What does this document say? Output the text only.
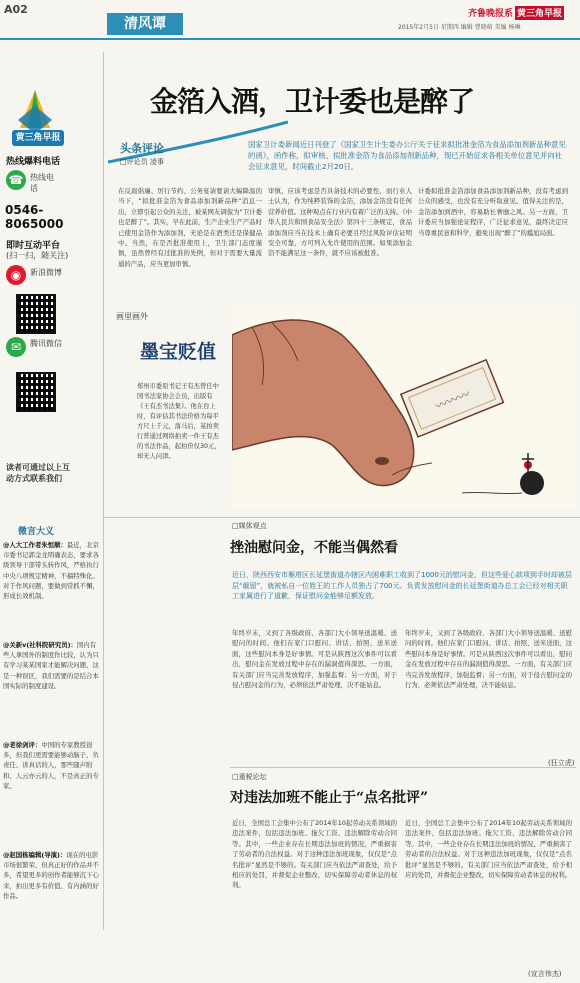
A02
清风谭
齐鲁晚报系 黄三角早报
2015年2月5日 星期四 编辑 曹晓萌 美编 杨琳
黄三角早报
热线爆料电话
☎ 热线电话
0546-8065000
即时互动平台
(扫一扫，随关注)
◉	新浪微博
✉	腾讯微信
读者可通过以上互动方式联系我们
金箔入酒，卫计委也是醉了
头条评论
□评论员 凌事
国家卫计委新闻近日刊登了《国家卫生计生委办公厅关于征求拟批准金箔为食品添加剂新品种意见的函》，函件称，拟审核、拟批准金箔为食品添加剂新品种，现已开始征求各相关单位意见并向社会征求意见，时间截止2月20日。
在反腐倡廉、厉行节约、公务宴请要请大幅降温的当下，“拟批准金箔为食品添加剂新品种”消息一出，立即引起公众的关注，被某网友调侃为“卫计委也是醉了”。其实，早在此前，生产企业生产产品时已使用金箔作为添加剂，无论是在酒类还是保健品中。当然，在是否批准使用上，卫生部门态度谨慎，虽然曾经有过批准的先例，但对于需要大量流通的产品，应当更加审慎。
审慎，应该考虑是否具备技术的必要性，而行业人士认为，作为纯粹装饰的金箔，添加金箔没有任何营养价值。这种观点在行业内有着广泛的支持。《中华人民共和国食品安全法》第四十三条规定，食品添加剂应当在技术上确有必要且经过风险评估证明安全可靠，方可列入允许使用的范围。如果添加金箔不能满足这一条件，就不应该被批准。
计委拟批准金箔添加食品添加剂新品种，没有考虑到公众的感受，也没有充分听取意见。值得关注的是，金箔添加到酒中，容易助长奢靡之风。另一方面，卫计委应当加强论证程序，广泛征求意见，最终决定应当尊重民意和科学，避免出现“醉了”的尴尬局面。
画里画外
墨宝贬值
郑州市委原书记王有杰曾任中国书法家协会会员，出版有《王有杰书法集》。他在台上时，有评估其书法价格为每平方尺上千元，落马后，某拍卖行普通过网络拍卖一件王有杰的书法作品，起拍价仅30元，却无人问津。
〰〰〰
微言大义
@人大工作者朱恒顺：最近，北京市委书记郭金龙明确表态，要求各级领导干部带头转作风，严格执行中央八项规定精神，不搞特殊化。对于作风问题，要做到常抓不懈，形成长效机制。
@关新v(社科院研究员)：国内有些人拿国外的制度作比较，认为只有学习某某国家才能解决问题，这是一种误区，我们需要的是结合本国实际的制度建设。
@老徐剑评：中国的专家教授很多，但我们更需要能够动脑子、负责任、讲真话的人，那些随声附和、人云亦云的人，不是真正的专家。
@赵国栋编辑(导演)：现在的电影市场很繁荣，但真正好的作品并不多，希望更多的创作者能够沉下心来，拍出更多有价值、有内涵的好作品。
□媒体观点
挫油慰问金，不能当偶然看
近日，陕西西安市雁塔区长延堡街道办辖区内困难职工收到了1000元的慰问金，但这些爱心款项到手时却被层层“截留”，就被私自一位姓王的工作人员独占了700元。负责发放慰问金的长延堡街道办总工会已经对相关职工家属进行了道歉，保证慰问金能够足额发放。
年终岁末，又到了各级政府、各部门大小领导送温暖、送慰问的时间。他们在家门口慰问、讲话、拍照、送米送面，这些慰问本身是好事情。可是从陕西这次事件可以看出，慰问金在发放过程中存在的漏洞值得深思。一方面，有关部门应当完善发放程序，加强监督；另一方面，对于侵占慰问金的行为，必须依法严肃处理，决不能姑息。
年终岁末，又到了各级政府、各部门大小领导送温暖、送慰问的时间。他们在家门口慰问、讲话、拍照、送米送面，这些慰问本身是好事情。可是从陕西这次事件可以看出，慰问金在发放过程中存在的漏洞值得深思。一方面，有关部门应当完善发放程序，加强监督；另一方面，对于侵占慰问金的行为，必须依法严肃处理，决不能姑息。
(狂立虎)
□重税论坛
对违法加班不能止于“点名批评”
近日，全国总工会集中公布了2014年10起劳动关系领域的违法案件，包括违法加班、拖欠工资、违法解除劳动合同等。其中，一些企业存在长期违法加班的情况，严重损害了劳动者的合法权益。对于这种违法加班现象，仅仅是“点名批评”显然是不够的。有关部门应当依法严肃查处，给予相应的处罚，并督促企业整改，切实保障劳动者休息的权利。
近日，全国总工会集中公布了2014年10起劳动关系领域的违法案件，包括违法加班、拖欠工资、违法解除劳动合同等。其中，一些企业存在长期违法加班的情况，严重损害了劳动者的合法权益。对于这种违法加班现象，仅仅是“点名批评”显然是不够的。有关部门应当依法严肃查处，给予相应的处罚，并督促企业整改，切实保障劳动者休息的权利。
(宣言伟杰)
